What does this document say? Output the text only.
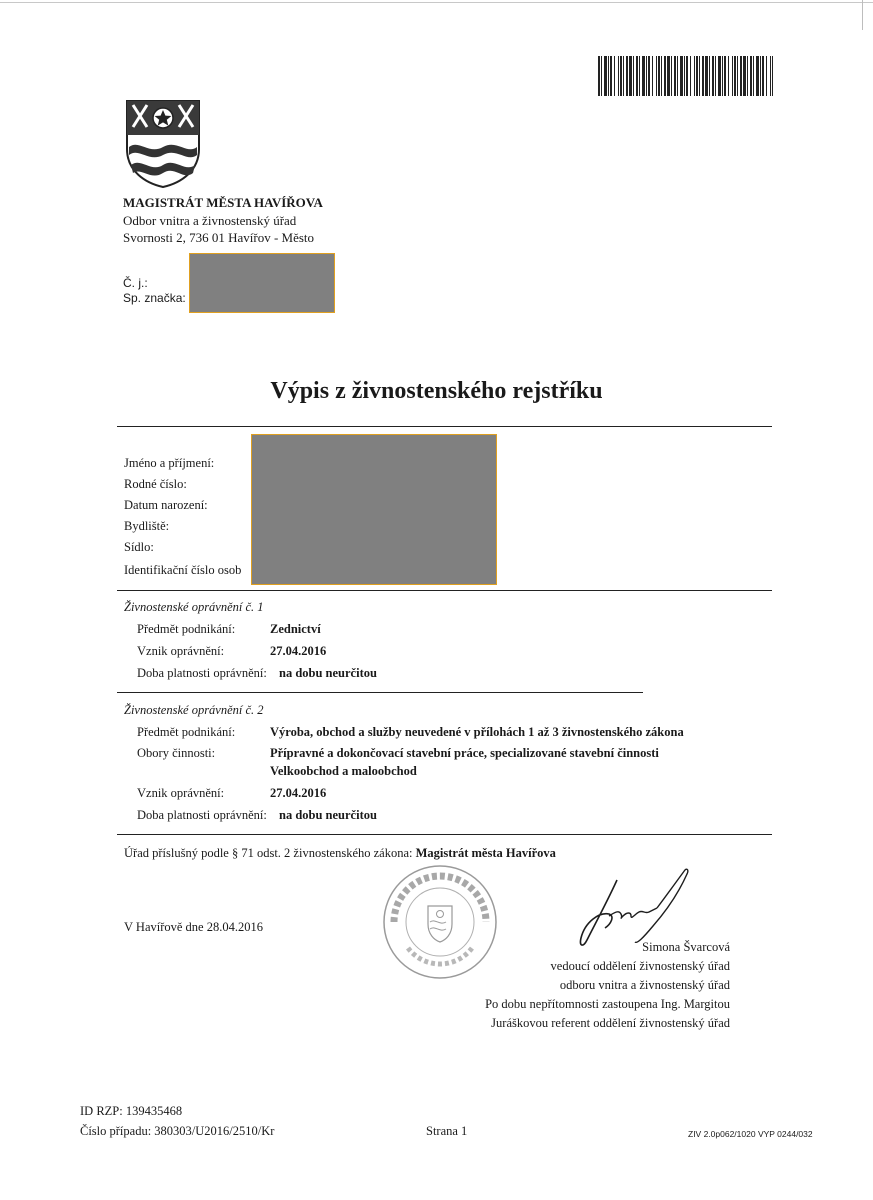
MAGISTRÁT MĚSTA HAVÍŘOVA
Odbor vnitra a živnostenský úřad
Svornosti 2, 736 01 Havířov - Město
Č. j.:
Sp. značka:
Výpis z živnostenského rejstříku
Jméno a příjmení:
Rodné číslo:
Datum narození:
Bydliště:
Sídlo:
Identifikační číslo osob
Živnostenské oprávnění č. 1
Předmět podnikání:	Zednictví
Vznik oprávnění:	27.04.2016
Doba platnosti oprávnění: na dobu neurčitou
Živnostenské oprávnění č. 2
Předmět podnikání:	Výroba, obchod a služby neuvedené v přílohách 1 až 3 živnostenského zákona
Obory činnosti:	Přípravné a dokončovací stavební práce, specializované stavební činnosti
Velkoobchod a maloobchod
Vznik oprávnění:	27.04.2016
Doba platnosti oprávnění: na dobu neurčitou
Úřad příslušný podle § 71 odst. 2 živnostenského zákona: Magistrát města Havířova
V Havířově dne 28.04.2016
Simona Švarcová
vedoucí oddělení živnostenský úřad
odboru vnitra a živnostenský úřad
Po dobu nepřítomnosti zastoupena Ing. Margitou
Juráškovou referent oddělení živnostenský úřad
ID RZP: 139435468
Číslo případu: 380303/U2016/2510/Kr	Strana 1	ZIV 2.0p062/1020 VYP 0244/032
